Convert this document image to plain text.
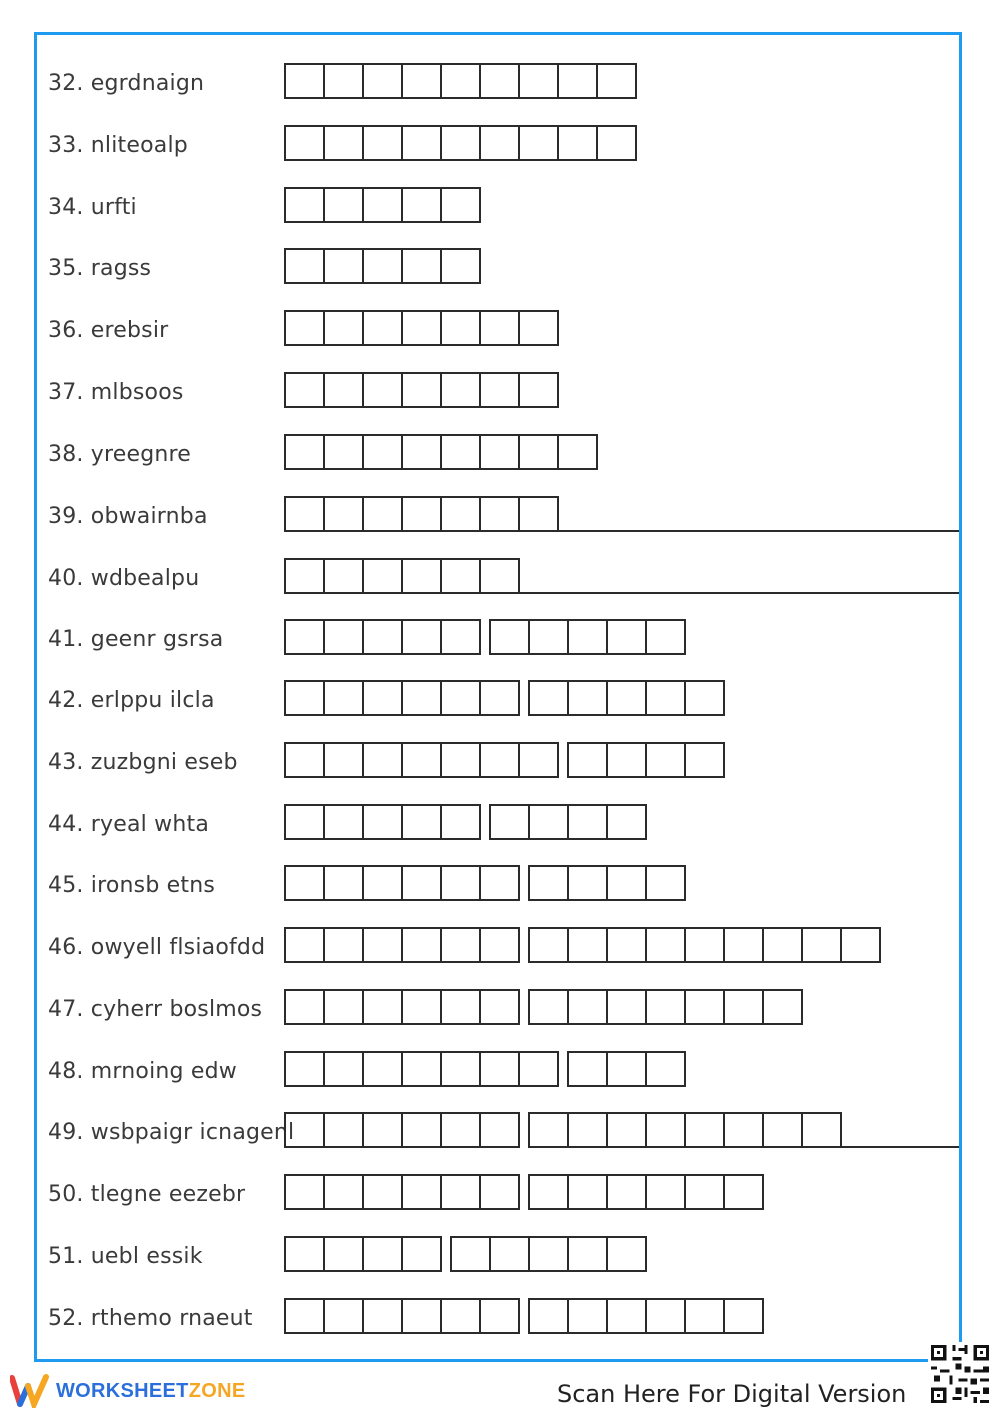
32. egrdnaign
33. nliteoalp
34. urfti
35. ragss
36. erebsir
37. mlbsoos
38. yreegnre
39. obwairnba
40. wdbealpu
41. geenr gsrsa
42. erlppu ilcla
43. zuzbgni eseb
44. ryeal whta
45. ironsb etns
46. owyell flsiaofdd
47. cyherr boslmos
48. mrnoing edw
49. wsbpaigr icnagenl
50. tlegne eezebr
51. uebl essik
52. rthemo rnaeut
WORKSHEETZONE	Scan Here For Digital Version
